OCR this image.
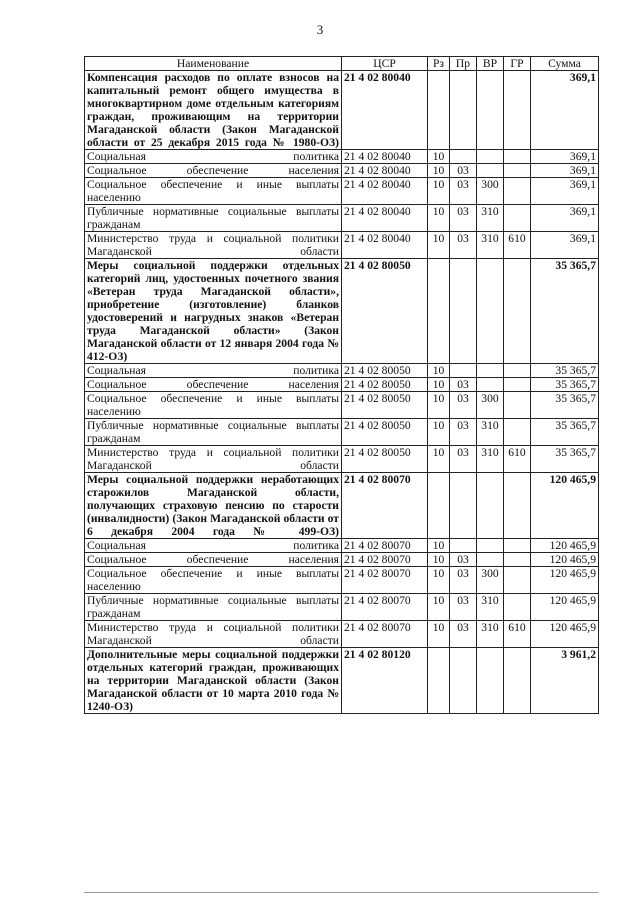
3
Наименование	ЦСР	Рз	Пр	ВР	ГР	Сумма
Компенсация расходов по оплате взносов на капитальный ремонт общего имущества в многоквартирном доме отдельным категориям граждан, проживающим на территории Магаданской области (Закон Магаданской области от 25 декабря 2015 года № 1980-ОЗ)	21 4 02 80040					369,1
Социальная политика	21 4 02 80040	10				369,1
Социальное обеспечение населения	21 4 02 80040	10	03			369,1
Социальное обеспечение и иные выплаты населению	21 4 02 80040	10	03	300		369,1
Публичные нормативные социальные выплаты гражданам	21 4 02 80040	10	03	310		369,1
Министерство труда и социальной политики Магаданской области	21 4 02 80040	10	03	310	610	369,1
Меры социальной поддержки отдельных категорий лиц, удостоенных почетного звания «Ветеран труда Магаданской области», приобретение (изготовление) бланков удостоверений и нагрудных знаков «Ветеран труда Магаданской области» (Закон Магаданской области от 12 января 2004 года № 412-ОЗ)	21 4 02 80050					35 365,7
Социальная политика	21 4 02 80050	10				35 365,7
Социальное обеспечение населения	21 4 02 80050	10	03			35 365,7
Социальное обеспечение и иные выплаты населению	21 4 02 80050	10	03	300		35 365,7
Публичные нормативные социальные выплаты гражданам	21 4 02 80050	10	03	310		35 365,7
Министерство труда и социальной политики Магаданской области	21 4 02 80050	10	03	310	610	35 365,7
Меры социальной поддержки неработающих старожилов Магаданской области, получающих страховую пенсию по старости (инвалидности) (Закон Магаданской области от 6 декабря 2004 года № 499-ОЗ)	21 4 02 80070					120 465,9
Социальная политика	21 4 02 80070	10				120 465,9
Социальное обеспечение населения	21 4 02 80070	10	03			120 465,9
Социальное обеспечение и иные выплаты населению	21 4 02 80070	10	03	300		120 465,9
Публичные нормативные социальные выплаты гражданам	21 4 02 80070	10	03	310		120 465,9
Министерство труда и социальной политики Магаданской области	21 4 02 80070	10	03	310	610	120 465,9
Дополнительные меры социальной поддержки отдельных категорий граждан, проживающих на территории Магаданской области (Закон Магаданской области от 10 марта 2010 года № 1240-ОЗ)	21 4 02 80120					3 961,2
